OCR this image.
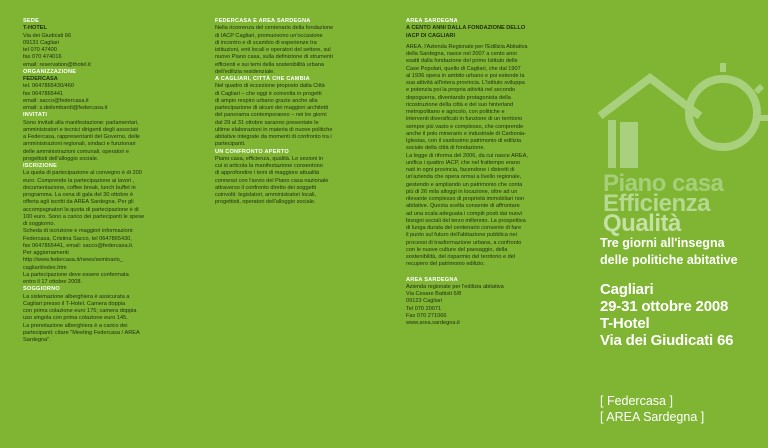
SEDE

T-HOTEL

Via dei Giudicati 66
09131 Cagliari
tel 070 47400
fax 070 474016
email: reservation@thotel.it

ORGANIZZAZIONE

FEDERCASA

tel. 0647865430/460
fax 0647865441
email: sacco@federcasa.it
email: s.deilembardi@federcasa.it

INVITATI

Sono invitati alla manifestazione: parlamentari,
amministratori e tecnici dirigenti degli associati
a Federcasa, rappresentanti del Governo, delle
amministrazioni regionali, sindaci e funzionari
delle amministrazioni comunali, operatori e
progettisti dell'alloggio sociale.

ISCRIZIONE

La quota di partecipazione al convegno è di 200
euro. Comprende la partecipazione ai lavori ,
documentazione, coffee break, lunch buffet in
programma. La cena di gala del 30 ottobre è
offerta agli iscritti da AREA Sardegna. Per gli
accompagnatori la quota di partecipazione è di
100 euro. Sono a carico dei partecipanti le spese
di soggiorno.
Scheda di iscrizione e maggiori informazioni:
Federcasa, Cristina Sacco, tel 0647865430,
fax 0647865441, email: sacco@federcasa.it.
Per aggiornamenti
http://www.federcasa.it/news/seminario_
cagliari/index.htm
La partecipazione deve essere confermata
entro il 17 ottobre 2008.

SOGGIORNO

La sistemazione alberghiera è assicurata a
Cagliari presso il T-Hotel. Camera doppia
con prima colazione euro 175; camera doppia
uso singola con prima colazione euro 145.
La prenotazione alberghiera è a carico dei
partecipanti: citare "Meeting Federcasa / AREA
Sardegna".

FEDERCASA E AREA SARDEGNA

Nella ricorrenza del centenario della fondazione
di IACP Cagliari, promuovono un'occasione
di incontro e di scambio di esperienze tra
istituzioni, enti locali e operatori del settore, sul
nuovo Piano casa, sulla definizione di strumenti
efficienti e sui temi della sostenibilità urbana
dell'edilizia residenziale.

A CAGLIARI, CITTÀ CHE CAMBIA

Nel quadro di eccezione proposto dalla Città
di Cagliari – che oggi è coinvolta in progetti
di ampio respiro urbano grazie anche alla
partecipazione di alcuni dei maggiori architetti
del panorama contemporaneo – nei tre giorni
dal 29 al 31 ottobre saranno presentate le
ultime elaborazioni in materia di nuove politiche
abitative integrate da momenti di confronto tra i
partecipanti.

UN CONFRONTO APERTO

Piano casa, efficienza, qualità. Le sezioni in
cui si articola la manifestazione consentono
di approfondire i temi di maggiore attualità
connessi con l'avvio del Piano casa nazionale
attraverso il confronto diretto dei soggetti
coinvolti: legislatori, amministratori locali,
progettisti, operatori dell'alloggio sociale.

AREA SARDEGNA

A CENTO ANNI DALLA FONDAZIONE DELLO
IACP DI CAGLIARI

AREA, l'Azienda Regionale per l'Edilizia Abitativa
della Sardegna, nasce nel 2007 a cento anni
esatti dalla fondazione del primo Istituto delle
Case Popolari, quello di Cagliari, che dal 1907
al 1936 opera in ambito urbano e poi estende la
sua attività all'intera provincia. L'Istituto sviluppa
e potenzia poi la propria attività nel secondo
dopoguerra, diventando protagonista della
ricostruzione della città e del suo hinterland
metropolitano e agricolo, con politiche e
interventi diversificati in funzione di un territorio
sempre più vasto e complesso, che comprende
anche il polo minerario e industriale di Carbonia-
Iglesias, con il vastissimo patrimonio di edilizia
sociale della città di fondazione.
La legge di riforma del 2006, da cui nasce AREA,
unifica i quattro IACP, che nel frattempo erano
nati in ogni provincia, facendone i distretti di
un'azienda che opera ormai a livello regionale,
gestendo e ampliando un patrimonio che conta
più di 26 mila alloggi in locazione, oltre ad un
rilevante complesso di proprietà immobiliari non
abitative. Questa scelta consente di affrontare
ad una scala adeguata i compiti posti dai nuovi
bisogni sociali del terzo millennio. La prospettiva
di lunga durata del centenario consente di fare
il punto sul futuro dell'abitazione pubblica nei
processi di trasformazione urbana, a confronto
con le nuove culture del paesaggio, della
sostenibilità, del risparmio del territorio e del
recupero del patrimonio edilizio.

AREA SARDEGNA

Azienda regionale per l'edilizia abitativa
Via Cesare Battisti 6/8
09123 Cagliari
Tel 070 20071
Fax 070 271066
www.area.sardegna.it

Piano casa
Efficienza
Qualità
Tre giorni all'insegna
delle politiche abitative
Cagliari
29-31 ottobre 2008
T-Hotel
Via dei Giudicati 66
[ Federcasa ]
[ AREA Sardegna ]
